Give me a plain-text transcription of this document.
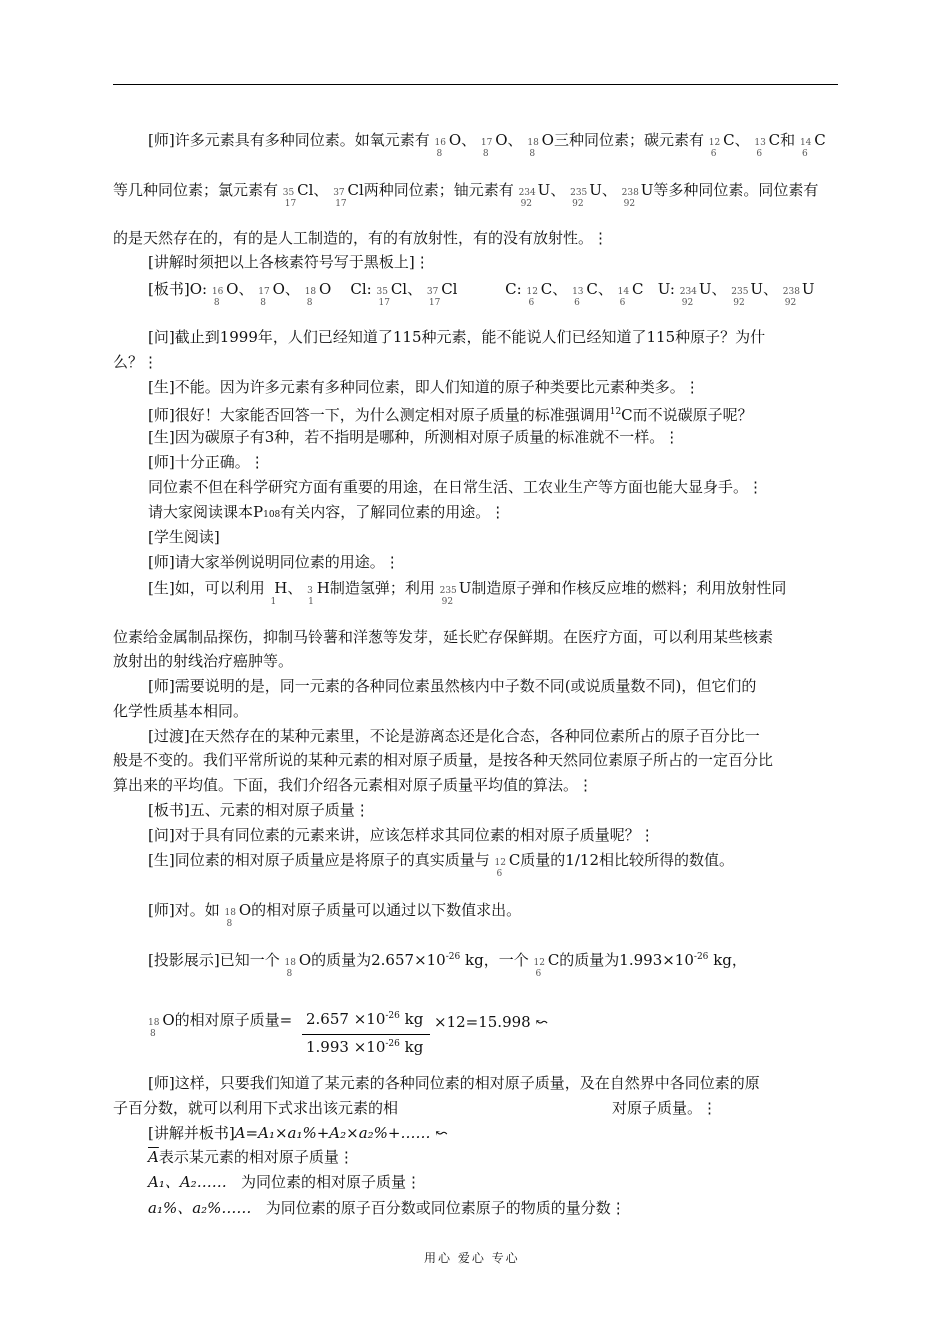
[师]许多元素具有多种同位素。如氧元素有 16
8
O、 17
8
O、 18
8
O三种同位素；碳元素有 12
6
C、 13
6
C和 14
6
C
等几种同位素；氯元素有 35
17
Cl、 37
17
Cl两种同位素；铀元素有 234
92
U、 235
92
U、 238
92
U等多种同位素。同位素有
的是天然存在的，有的是人工制造的，有的有放射性，有的没有放射性。⋮
[讲解时须把以上各核素符号写于黑板上]⋮
[板书]O: 16
8
O、 17
8
O、 18
8
O Cl: 35
17
Cl、 37
17
Cl	C: 12
6
C、 13
6
C、 14
6
C U: 234
92
U、 235
92
U、 238
92
U
[问]截止到1999年，人们已经知道了115种元素，能不能说人们已经知道了115种原子？为什
么？⋮
[生]不能。因为许多元素有多种同位素，即人们知道的原子种类要比元素种类多。⋮
[师]很好！大家能否回答一下，为什么测定相对原子质量的标准强调用$^{12}$C而不说碳原子呢？
[生]因为碳原子有3种，若不指明是哪种，所测相对原子质量的标准就不一样。⋮
[师]十分正确。⋮
同位素不但在科学研究方面有重要的用途，在日常生活、工农业生产等方面也能大显身手。⋮
请大家阅读课本P108有关内容，了解同位素的用途。⋮
[学生阅读]
[师]请大家举例说明同位素的用途。⋮
[生]如，可以利用
1
H、 3
1
H制造氢弹；利用 235
92
U制造原子弹和作核反应堆的燃料；利用放射性同
位素给金属制品探伤，抑制马铃薯和洋葱等发芽，延长贮存保鲜期。在医疗方面，可以利用某些核素
放射出的射线治疗癌肿等。
[师]需要说明的是，同一元素的各种同位素虽然核内中子数不同(或说质量数不同)，但它们的
化学性质基本相同。
[过渡]在天然存在的某种元素里，不论是游离态还是化合态，各种同位素所占的原子百分比一
般是不变的。我们平常所说的某种元素的相对原子质量，是按各种天然同位素原子所占的一定百分比
算出来的平均值。下面，我们介绍各元素相对原子质量平均值的算法。⋮
[板书]五、元素的相对原子质量⋮
[问]对于具有同位素的元素来讲，应该怎样求其同位素的相对原子质量呢？⋮
[生]同位素的相对原子质量应是将原子的真实质量与 12
6
C质量的1/12相比较所得的数值。
[师]对。如 18
8
O的相对原子质量可以通过以下数值求出。
[投影展示]已知一个 18
8
O的质量为$2.657\times 10^{-26}$ kg，一个 12
6
C的质量为$1.993\times 10^{-26}$ kg，
18
8
O的相对原子质量= $2.657 \times 10^{-26}$ kg
$1.993 \times 10^{-26}$ kg
×12=15.998 ↜
[师]这样，只要我们知道了某元素的各种同位素的相对原子质量，及在自然界中各同位素的原
子百分数，就可以利用下式求出该元素的相	对原子质量。⋮
[讲解并板书]A=A₁×a₁%+A₂×a₂%+…… ↜
$\overline{A}$表示某元素的相对原子质量⋮
A₁、A₂…… 为同位素的相对原子质量⋮
a₁%、a₂%…… 为同位素的原子百分数或同位素原子的物质的量分数⋮
用心 爱心 专心
